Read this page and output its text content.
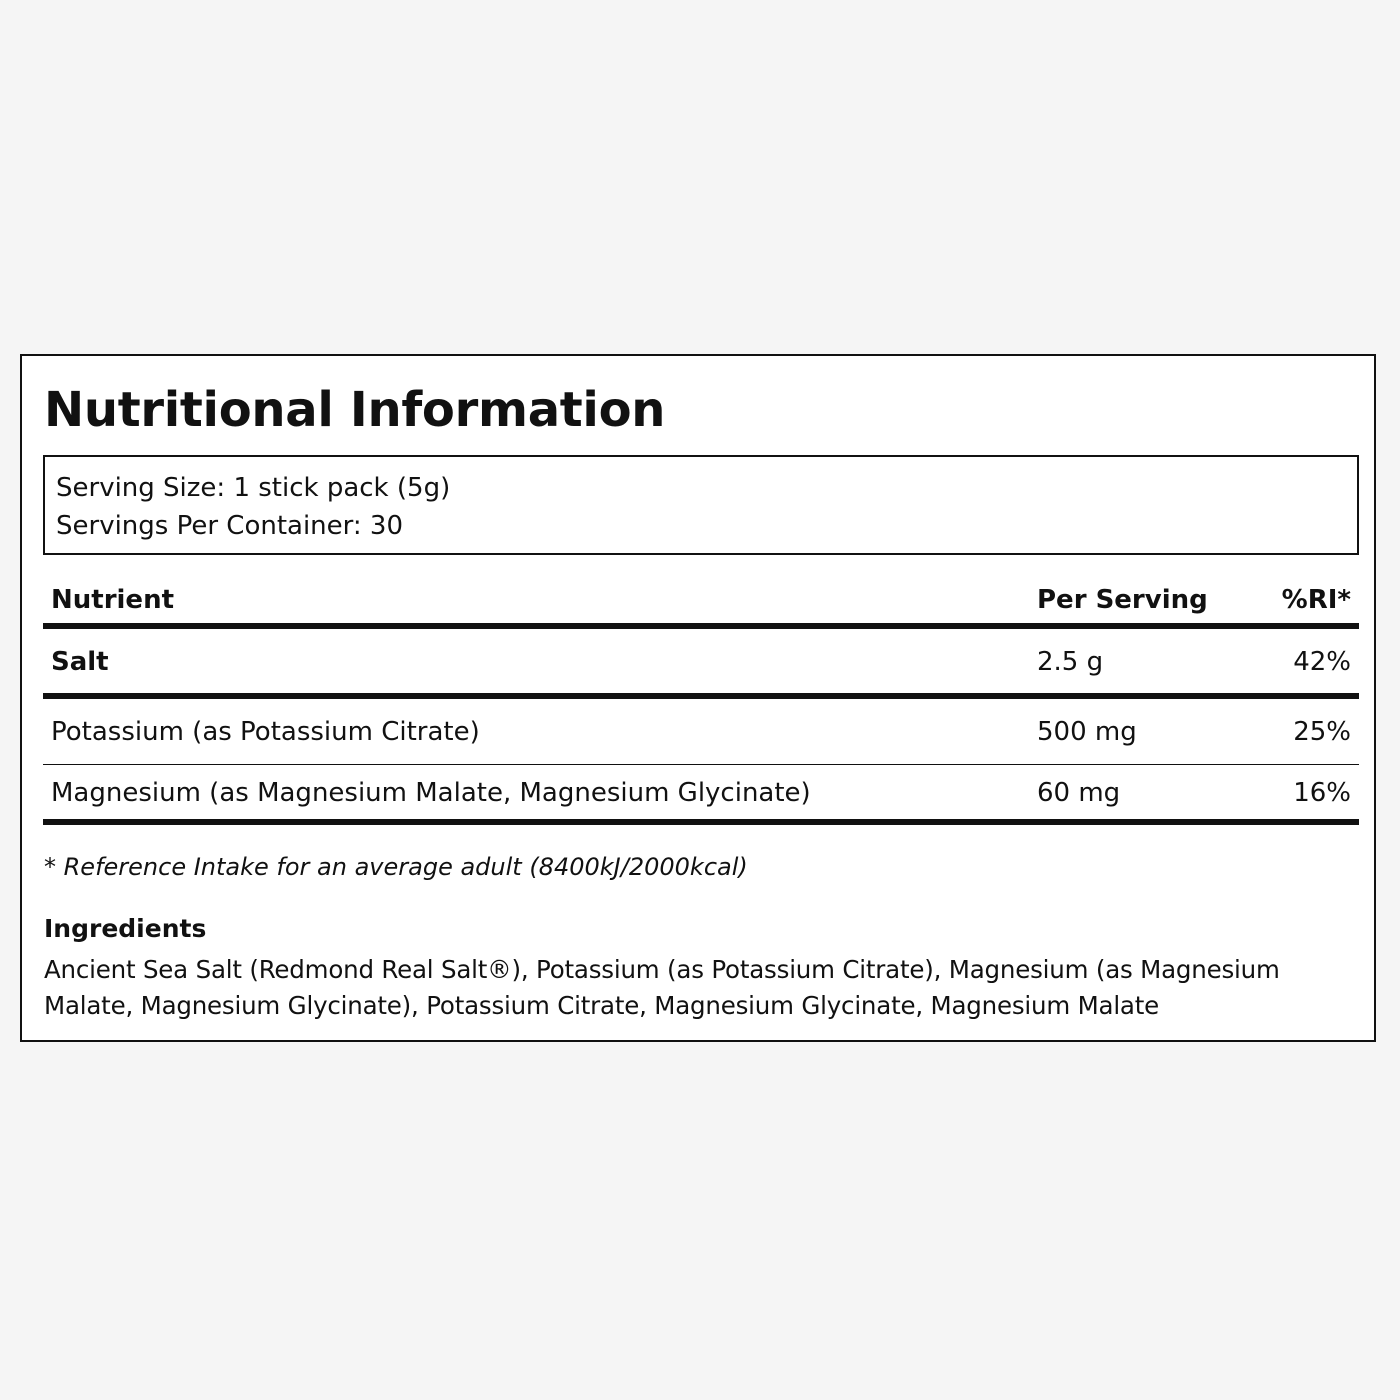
Nutritional Information
Serving Size: 1 stick pack (5g)
Servings Per Container: 30
Nutrient	Per Serving	%RI*
Salt	2.5 g	42%
Potassium (as Potassium Citrate)	500 mg	25%
Magnesium (as Magnesium Malate, Magnesium Glycinate)	60 mg	16%
* Reference Intake for an average adult (8400kJ/2000kcal)
Ingredients
Ancient Sea Salt (Redmond Real Salt®), Potassium (as Potassium Citrate), Magnesium (as Magnesium Malate, Magnesium Glycinate), Potassium Citrate, Magnesium Glycinate, Magnesium Malate
